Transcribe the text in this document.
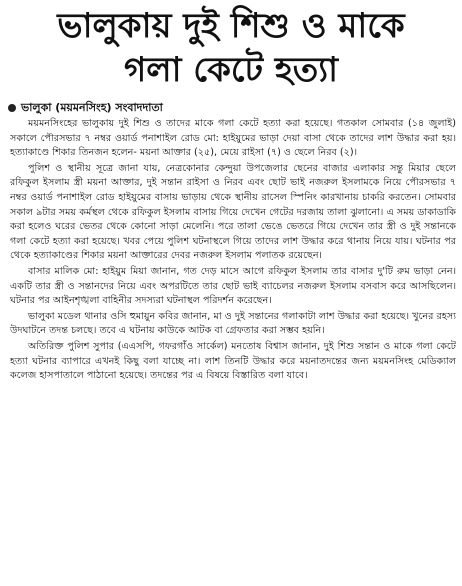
ভালুকায় দুই শিশু ও মাকে
গলা কেটে হত্যা
ভালুকা (ময়মনসিংহ) সংবাদদাতা

ময়মনসিংহের ভালুকায় দুই শিশু ও তাদের মাকে গলা কেটে হত্যা করা হয়েছে। গতকাল সোমবার (১৪ জুলাই) সকালে পৌরসভার ৭ নম্বর ওয়ার্ড পনাশাইল রোড মো: হাইয়ুমের ভাড়া দেয়া বাসা থেকে তাদের লাশ উদ্ধার করা হয়। হত্যাকাণ্ডে শিকার তিনজন হলেন- ময়না আক্তার (২৫), মেয়ে রাইসা (৭) ও ছেলে নিরব (২)।

পুলিশ ও স্থানীয় সূত্রে জানা যায়, নেত্রকোনার কেন্দুয়া উপজেলার ছেনের বাজার এলাকার সন্তু মিয়ার ছেলে রফিকুল ইসলাম স্ত্রী ময়না আক্তার, দুই সন্তান রাইসা ও নিরব এবং ছোট ভাই নজরুল ইসলামকে নিয়ে পৌরসভার ৭ নম্বর ওয়ার্ড পনাশাইল রোড হাইয়ুমের বাসায় ভাড়ায় থেকে স্থানীয় রাসেল স্পিনিং কারখানায় চাকরি করতেন। সোমবার সকাল ৯টার সময় কর্মস্থল থেকে রফিকুল ইসলাম বাসায় গিয়ে দেখেন গেটের দরজায় তালা ঝুলানো। এ সময় ডাকাডাকি করা হলেও ঘরের ভেতর থেকে কোনো সাড়া মেলেনি। পরে তালা ভেঙে ভেতরে গিয়ে দেখেন তার স্ত্রী ও দুই সন্তানকে গলা কেটে হত্যা করা হয়েছে। খবর পেয়ে পুলিশ ঘটনাস্থলে গিয়ে তাদের লাশ উদ্ধার করে থানায় নিয়ে যায়। ঘটনার পর থেকে হত্যাকাণ্ডের শিকার ময়না আক্তারের দেবর নজরুল ইসলাম পলাতক রয়েছেন।

বাসার মালিক মো: হাইয়ুম মিয়া জানান, গত দেড় মাসে আগে রফিকুল ইসলাম তার বাসার দু'টি রুম ভাড়া নেন। একটি তার স্ত্রী ও সন্তানদের নিয়ে এবং অপরটিতে তার ছোট ভাই ব্যাচেলর নজরুল ইসলাম বসবাস করে আসছিলেন। ঘটনার পর আইনশৃঙ্খলা বাহিনীর সদস্যরা ঘটনাস্থল পরিদর্শন করেছেন।

ভালুকা মডেল থানার ওসি হুমায়ুন কবির জানান, মা ও দুই সন্তানের গলাকাটা লাশ উদ্ধার করা হয়েছে। খুনের রহস্য উদঘাটনে তদন্ত চলছে। তবে এ ঘটনায় কাউকে আটক বা গ্রেফতার করা সম্ভব হয়নি।

অতিরিক্ত পুলিশ সুপার (এএসপি, গফরগাঁও সার্কেল) মনতোষ বিশ্বাস জানান, দুই শিশু সন্তান ও মাকে গলা কেটে হত্যা ঘটনার ব্যাপারে এখনই কিছু বলা যাচ্ছে না। লাশ তিনটি উদ্ধার করে ময়নাতদন্তের জন্য ময়মনসিংহ মেডিক্যাল কলেজ হাসপাতালে পাঠানো হয়েছে। তদন্তের পর এ বিষয়ে বিস্তারিত বলা যাবে।
